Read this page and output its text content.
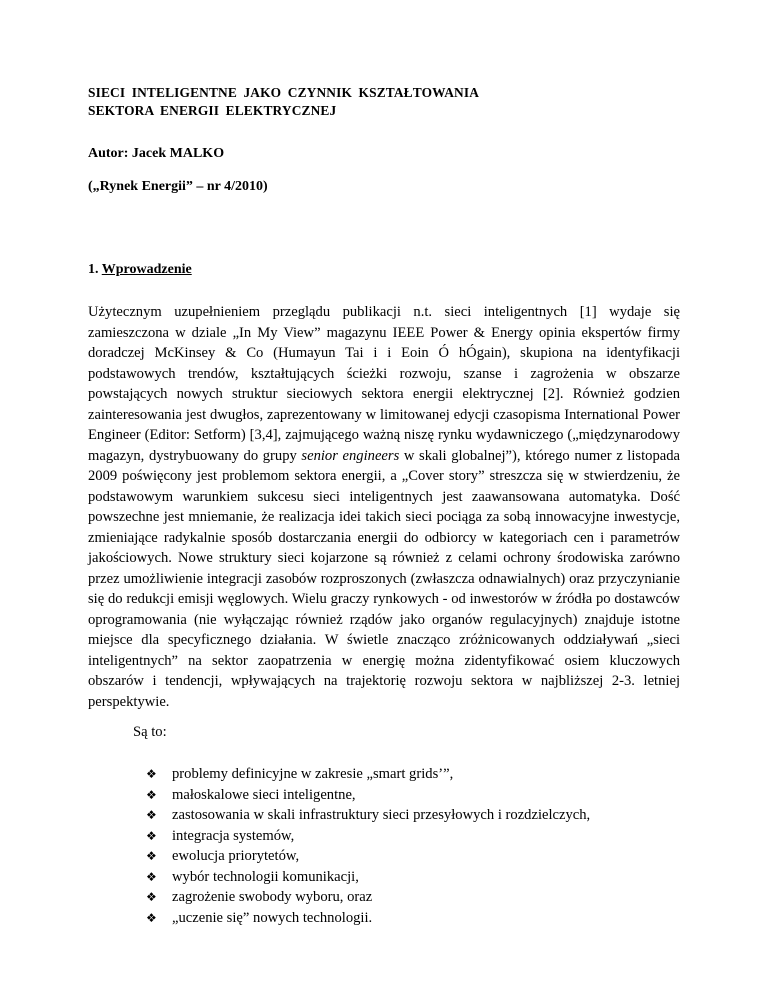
SIECI INTELIGENTNE JAKO CZYNNIK KSZTAŁTOWANIA
SEKTORA ENERGII ELEKTRYCZNEJ
Autor: Jacek MALKO
(„Rynek Energii” – nr 4/2010)
1. Wprowadzenie

Użytecznym uzupełnieniem przeglądu publikacji n.t. sieci inteligentnych [1] wydaje się zamieszczona w dziale „In My View” magazynu IEEE Power & Energy opinia ekspertów firmy doradczej McKinsey & Co (Humayun Tai i i Eoin Ó hÓgain), skupiona na identyfikacji podstawowych trendów, kształtujących ścieżki rozwoju, szanse i zagrożenia w obszarze powstających nowych struktur sieciowych sektora energii elektrycznej [2]. Również godzien zainteresowania jest dwugłos, zaprezentowany w limitowanej edycji czasopisma International Power Engineer (Editor: Setform) [3,4], zajmującego ważną niszę rynku wydawniczego („międzynarodowy magazyn, dystrybuowany do grupy senior engineers w skali globalnej”), którego numer z listopada 2009 poświęcony jest problemom sektora energii, a „Cover story” streszcza się w stwierdzeniu, że podstawowym warunkiem sukcesu sieci inteligentnych jest zaawansowana automatyka. Dość powszechne jest mniemanie, że realizacja idei takich sieci pociąga za sobą innowacyjne inwestycje, zmieniające radykalnie sposób dostarczania energii do odbiorcy w kategoriach cen i parametrów jakościowych. Nowe struktury sieci kojarzone są również z celami ochrony środowiska zarówno przez umożliwienie integracji zasobów rozproszonych (zwłaszcza odnawialnych) oraz przyczynianie się do redukcji emisji węglowych. Wielu graczy rynkowych - od inwestorów w źródła po dostawców oprogramowania (nie wyłączając również rządów jako organów regulacyjnych) znajduje istotne miejsce dla specyficznego działania. W świetle znacząco zróżnicowanych oddziaływań „sieci inteligentnych” na sektor zaopatrzenia w energię można zidentyfikować osiem kluczowych obszarów i tendencji, wpływających na trajektorię rozwoju sektora w najbliższej 2-3. letniej perspektywie.

Są to:
❖ problemy definicyjne w zakresie „smart grids’”,
❖ małoskalowe sieci inteligentne,
❖ zastosowania w skali infrastruktury sieci przesyłowych i rozdzielczych,
❖ integracja systemów,
❖ ewolucja priorytetów,
❖ wybór technologii komunikacji,
❖ zagrożenie swobody wyboru, oraz
❖ „uczenie się” nowych technologii.
